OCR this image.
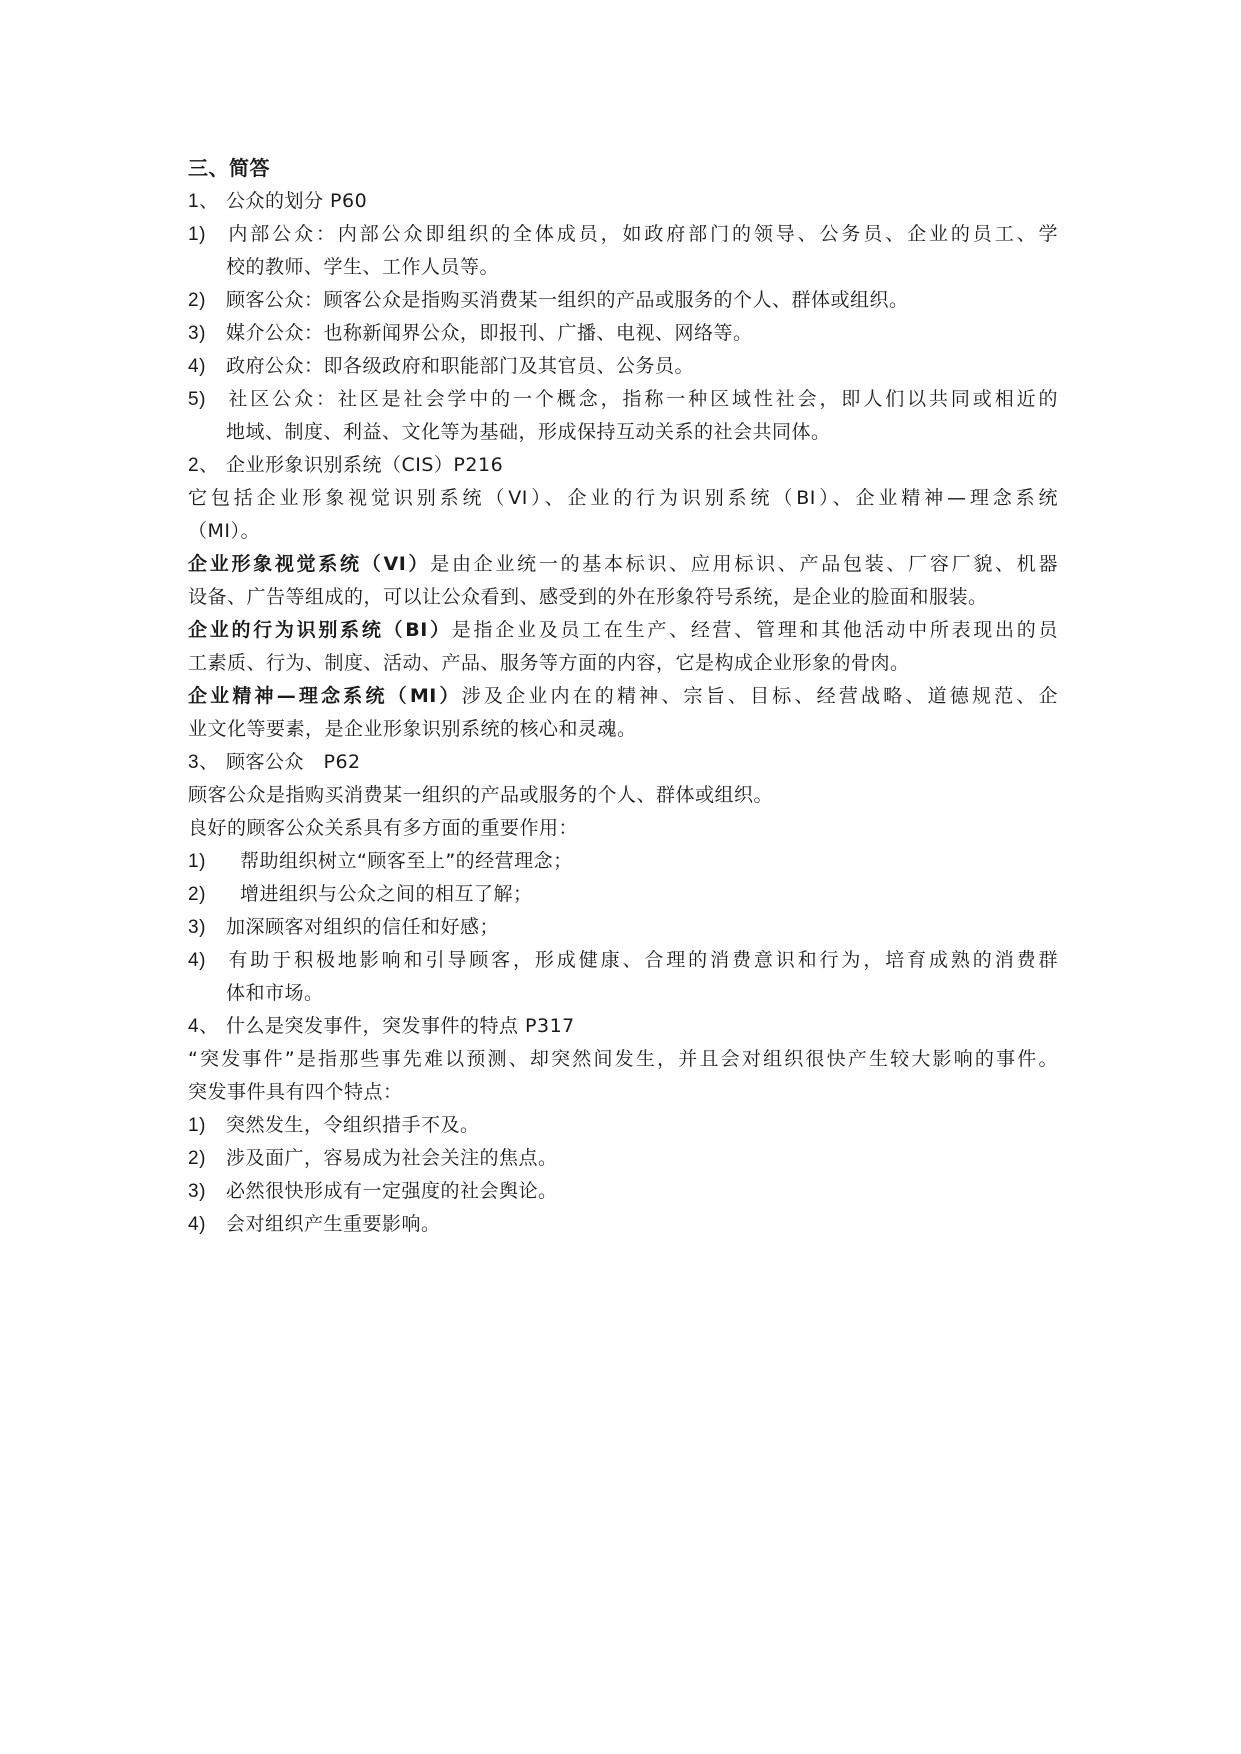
三、简答
1、 公众的划分 P60
1) 内部公众：内部公众即组织的全体成员，如政府部门的领导、公务员、企业的员工、学
校的教师、学生、工作人员等。
2) 顾客公众：顾客公众是指购买消费某一组织的产品或服务的个人、群体或组织。
3) 媒介公众：也称新闻界公众，即报刊、广播、电视、网络等。
4) 政府公众：即各级政府和职能部门及其官员、公务员。
5) 社区公众：社区是社会学中的一个概念，指称一种区域性社会，即人们以共同或相近的
地域、制度、利益、文化等为基础，形成保持互动关系的社会共同体。
2、 企业形象识别系统（CIS）P216
它包括企业形象视觉识别系统（VI）、企业的行为识别系统（BI）、企业精神—理念系统
（MI）。
企业形象视觉系统（VI）是由企业统一的基本标识、应用标识、产品包装、厂容厂貌、机器
设备、广告等组成的，可以让公众看到、感受到的外在形象符号系统，是企业的脸面和服装。
企业的行为识别系统（BI）是指企业及员工在生产、经营、管理和其他活动中所表现出的员
工素质、行为、制度、活动、产品、服务等方面的内容，它是构成企业形象的骨肉。
企业精神—理念系统（MI）涉及企业内在的精神、宗旨、目标、经营战略、道德规范、企
业文化等要素，是企业形象识别系统的核心和灵魂。
3、 顾客公众　P62
顾客公众是指购买消费某一组织的产品或服务的个人、群体或组织。
良好的顾客公众关系具有多方面的重要作用：
1) 帮助组织树立“顾客至上”的经营理念；
2) 增进组织与公众之间的相互了解；
3) 加深顾客对组织的信任和好感；
4) 有助于积极地影响和引导顾客，形成健康、合理的消费意识和行为，培育成熟的消费群
体和市场。
4、 什么是突发事件，突发事件的特点 P317
“突发事件”是指那些事先难以预测、却突然间发生，并且会对组织很快产生较大影响的事件。
突发事件具有四个特点：
1) 突然发生，令组织措手不及。
2) 涉及面广，容易成为社会关注的焦点。
3) 必然很快形成有一定强度的社会舆论。
4) 会对组织产生重要影响。
